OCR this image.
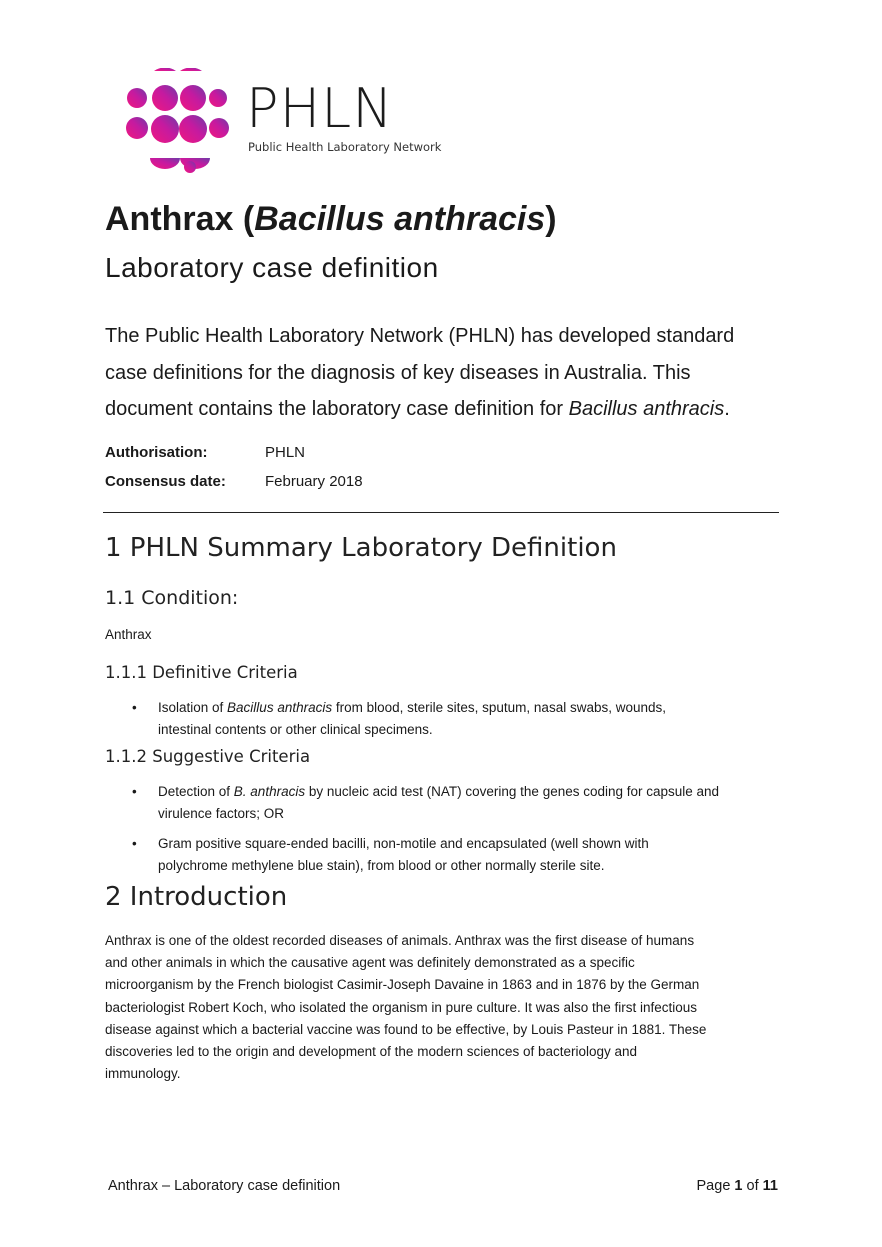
PHLN
Public Health Laboratory Network
Anthrax (Bacillus anthracis)
Laboratory case definition

The Public Health Laboratory Network (PHLN) has developed standard

case definitions for the diagnosis of key diseases in Australia. This

document contains the laboratory case definition for Bacillus anthracis.

Authorisation:	PHLN
Consensus date:	February 2018
1 PHLN Summary Laboratory Definition
1.1 Condition:
Anthrax
1.1.1 Definitive Criteria
• Isolation of Bacillus anthracis from blood, sterile sites, sputum, nasal swabs, wounds,
intestinal contents or other clinical specimens.
1.1.2 Suggestive Criteria
• Detection of B. anthracis by nucleic acid test (NAT) covering the genes coding for capsule and
virulence factors; OR
• Gram positive square-ended bacilli, non-motile and encapsulated (well shown with
polychrome methylene blue stain), from blood or other normally sterile site.
2 Introduction
Anthrax is one of the oldest recorded diseases of animals. Anthrax was the first disease of humans
and other animals in which the causative agent was definitely demonstrated as a specific
microorganism by the French biologist Casimir-Joseph Davaine in 1863 and in 1876 by the German
bacteriologist Robert Koch, who isolated the organism in pure culture. It was also the first infectious
disease against which a bacterial vaccine was found to be effective, by Louis Pasteur in 1881. These
discoveries led to the origin and development of the modern sciences of bacteriology and
immunology.
Anthrax – Laboratory case definition	Page 1 of 11
